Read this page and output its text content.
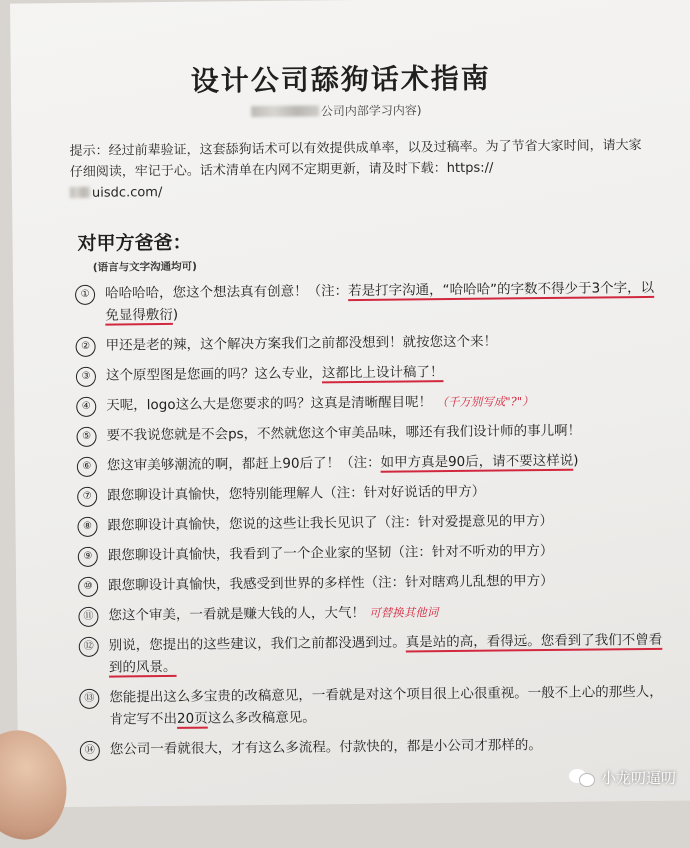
设计公司舔狗话术指南
公司内部学习内容)
提示：经过前辈验证，这套舔狗话术可以有效提供成单率，以及过稿率。为了节省大家时间，请大家仔细阅读，牢记于心。话术清单在内网不定期更新，请及时下载：https://
uisdc.com/
对甲方爸爸：
(语言与文字沟通均可)
①	哈哈哈哈，您这个想法真有创意！（注：若是打字沟通，“哈哈哈”的字数不得少于3个字，以免显得敷衍)
②	甲还是老的辣，这个解决方案我们之前都没想到！就按您这个来！
③	这个原型图是您画的吗？这么专业，这都比上设计稿了！
④	天呢，logo这么大是您要求的吗？这真是清晰醒目呢！ （千万别写成"?"）
⑤	要不我说您就是不会ps，不然就您这个审美品味，哪还有我们设计师的事儿啊！
⑥	您这审美够潮流的啊，都赶上90后了！（注：如甲方真是90后，请不要这样说)
⑦	跟您聊设计真愉快，您特别能理解人（注：针对好说话的甲方）
⑧	跟您聊设计真愉快，您说的这些让我长见识了（注：针对爱提意见的甲方）
⑨	跟您聊设计真愉快，我看到了一个企业家的坚韧（注：针对不听劝的甲方）
⑩	跟您聊设计真愉快，我感受到世界的多样性（注：针对瞎鸡儿乱想的甲方）
⑪	您这个审美，一看就是赚大钱的人，大气！ 可替换其他词
⑫	别说，您提出的这些建议，我们之前都没遇到过。真是站的高，看得远。您看到了我们不曾看到的风景。
⑬	您能提出这么多宝贵的改稿意见，一看就是对这个项目很上心很重视。一般不上心的那些人，肯定写不出20页这么多改稿意见。
⑭	您公司一看就很大，才有这么多流程。付款快的，都是小公司才那样的。
小龙叨逼叨
